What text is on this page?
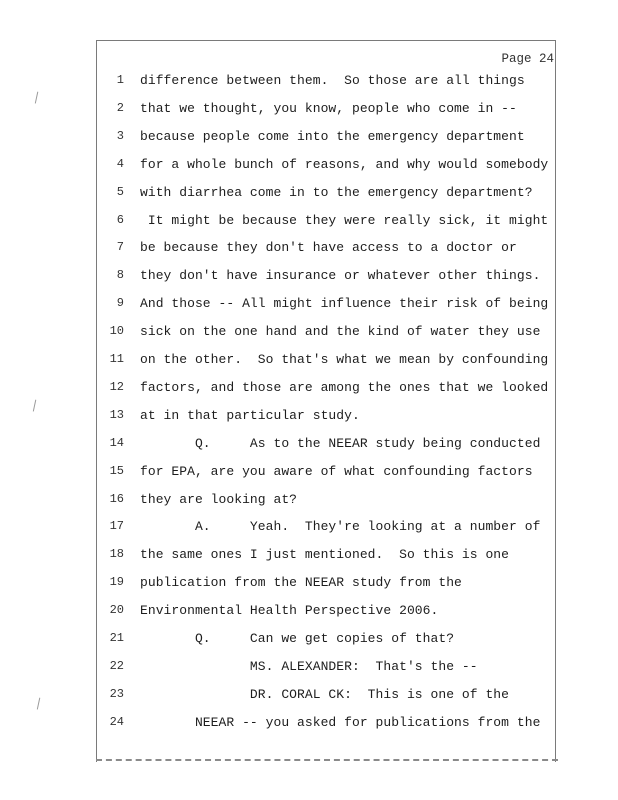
Page 24
1 difference between them.  So those are all things
2 that we thought, you know, people who come in --
3 because people come into the emergency department
4 for a whole bunch of reasons, and why would somebody
5 with diarrhea come in to the emergency department?
6 It might be because they were really sick, it might
7 be because they don't have access to a doctor or
8 they don't have insurance or whatever other things.
9 And those -- All might influence their risk of being
10 sick on the one hand and the kind of water they use
11 on the other.  So that's what we mean by confounding
12 factors, and those are among the ones that we looked
13 at in that particular study.
14 Q.     As to the NEEAR study being conducted
15 for EPA, are you aware of what confounding factors
16 they are looking at?
17 A.     Yeah.  They're looking at a number of
18 the same ones I just mentioned.  So this is one
19 publication from the NEEAR study from the
20 Environmental Health Perspective 2006.
21 Q.     Can we get copies of that?
22 MS. ALEXANDER:  That's the --
23 DR. CORAL CK:  This is one of the
24 NEEAR -- you asked for publications from the
